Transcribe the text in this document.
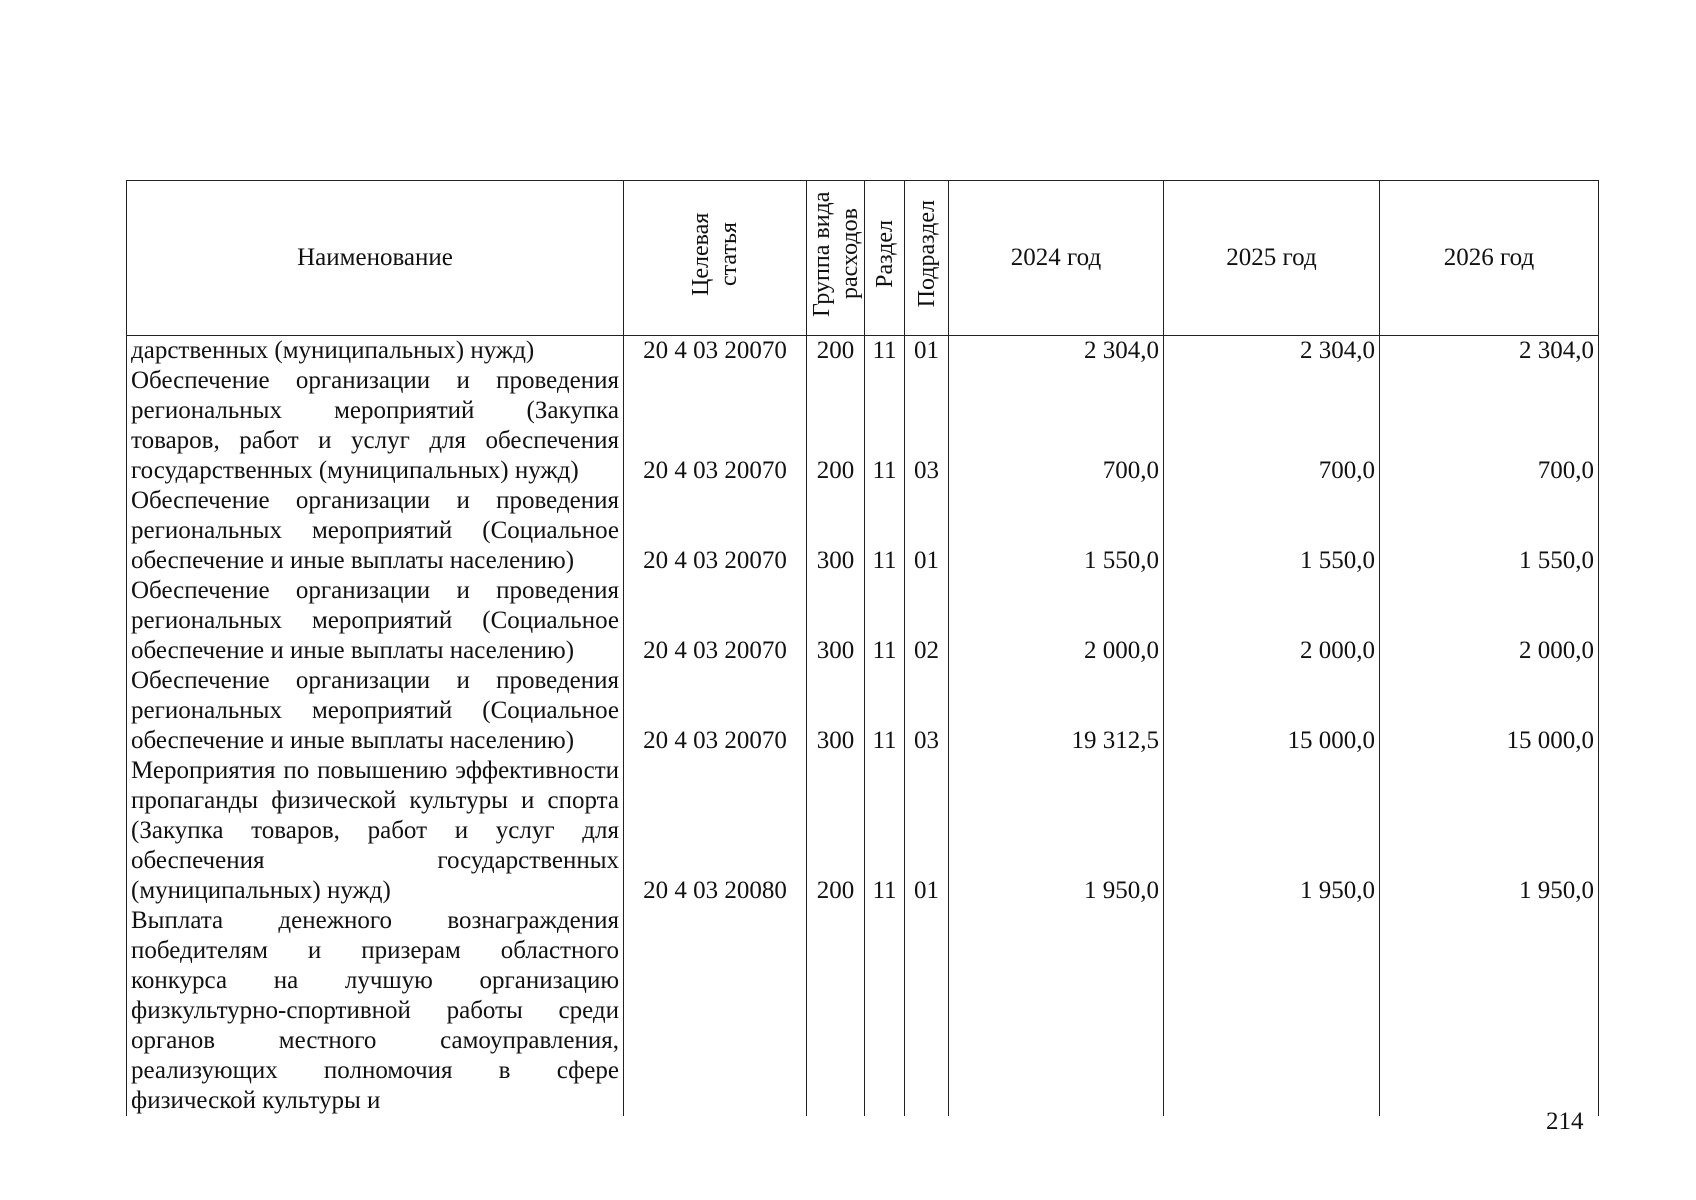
Наименование	Целевая статья	Группа вида расходов	Раздел	Подраздел	2024 год	2025 год	2026 год
дарственных (муниципальных) нужд)	20 4 03 20070	200	11	01	2 304,0	2 304,0	2 304,0
Обеспечение организации и проведения региональных мероприятий (Закупка товаров, работ и услуг для обеспечения государственных (муниципальных) нужд)	20 4 03 20070	200	11	03	700,0	700,0	700,0
Обеспечение организации и проведения региональных мероприятий (Социальное обеспечение и иные выплаты населению)	20 4 03 20070	300	11	01	1 550,0	1 550,0	1 550,0
Обеспечение организации и проведения региональных мероприятий (Социальное обеспечение и иные выплаты населению)	20 4 03 20070	300	11	02	2 000,0	2 000,0	2 000,0
Обеспечение организации и проведения региональных мероприятий (Социальное обеспечение и иные выплаты населению)	20 4 03 20070	300	11	03	19 312,5	15 000,0	15 000,0
Мероприятия по повышению эффективности пропаганды физической культуры и спорта (Закупка товаров, работ и услуг для обеспечения государственных (муниципальных) нужд)	20 4 03 20080	200	11	01	1 950,0	1 950,0	1 950,0
Выплата денежного вознаграждения победителям и призерам областного конкурса на лучшую организацию физкультурно-спортивной работы среди органов местного самоуправления, реализующих полномочия в сфере физической культуры и							
214
